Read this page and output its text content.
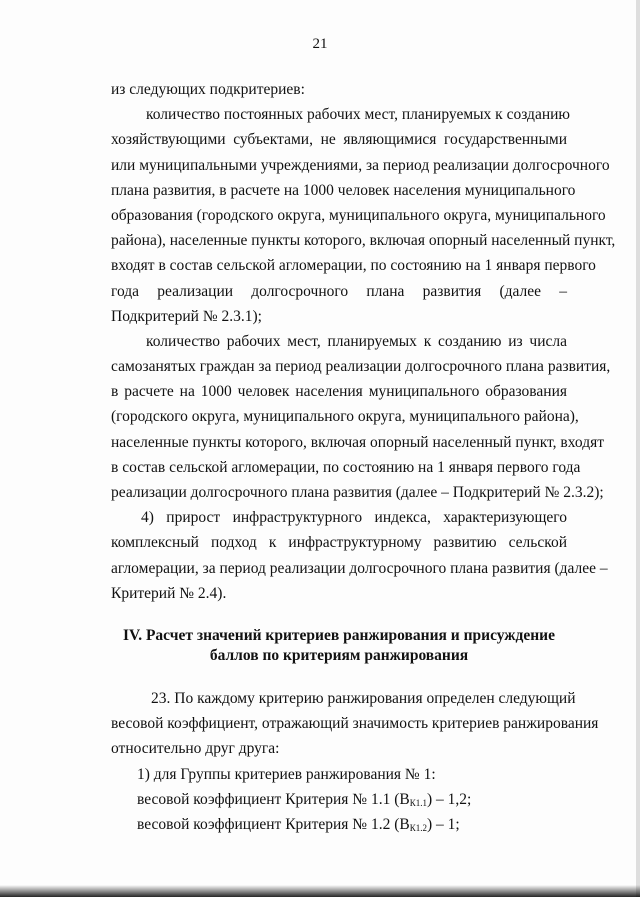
21
из следующих подкритериев:
количество постоянных рабочих мест, планируемых к созданию
хозяйствующими субъектами, не являющимися государственными
или муниципальными учреждениями, за период реализации долгосрочного
плана развития, в расчете на 1000 человек населения муниципального
образования (городского округа, муниципального округа, муниципального
района), населенные пункты которого, включая опорный населенный пункт,
входят в состав сельской агломерации, по состоянию на 1 января первого
года реализации долгосрочного плана развития (далее –
Подкритерий № 2.3.1);
количество рабочих мест, планируемых к созданию из числа
самозанятых граждан за период реализации долгосрочного плана развития,
в расчете на 1000 человек населения муниципального образования
(городского округа, муниципального округа, муниципального района),
населенные пункты которого, включая опорный населенный пункт, входят
в состав сельской агломерации, по состоянию на 1 января первого года
реализации долгосрочного плана развития (далее – Подкритерий № 2.3.2);
4) прирост инфраструктурного индекса, характеризующего
комплексный подход к инфраструктурному развитию сельской
агломерации, за период реализации долгосрочного плана развития (далее –
Критерий № 2.4).
IV. Расчет значений критериев ранжирования и присуждение
баллов по критериям ранжирования
23. По каждому критерию ранжирования определен следующий
весовой коэффициент, отражающий значимость критериев ранжирования
относительно друг друга:
1) для Группы критериев ранжирования № 1:
весовой коэффициент Критерия № 1.1 $(В_{К1.1}) - 1,2$;
весовой коэффициент Критерия № 1.2 $(В_{К1.2}) - 1$;
